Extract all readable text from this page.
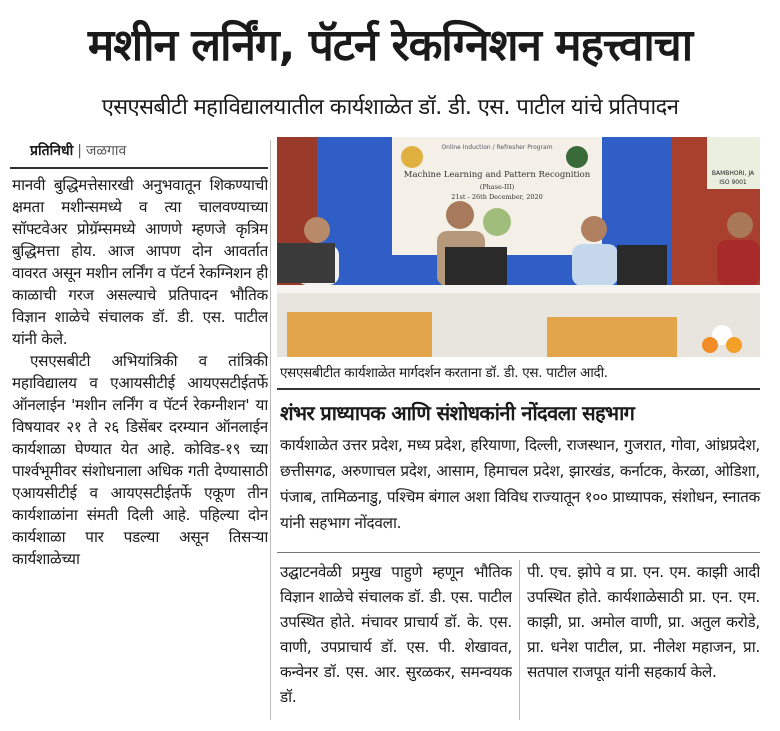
मशीन लर्निंग, पॅटर्न रेकग्निशन महत्त्वाचा
एसएसबीटी महाविद्यालयातील कार्यशाळेत डॉ. डी. एस. पाटील यांचे प्रतिपादन
प्रतिनिधी | जळगाव

मानवी बुद्धिमत्तेसारखी अनुभवातून शिकण्याची क्षमता मशीन्समध्ये व त्या चालवण्याच्या सॉफ्टवेअर प्रोग्रॅम्समध्ये आणणे म्हणजे कृत्रिम बुद्धिमत्ता होय. आज आपण दोन आवर्तात वावरत असून मशीन लर्निंग व पॅटर्न रेकग्निशन ही काळाची गरज असल्याचे प्रतिपादन भौतिक विज्ञान शाळेचे संचालक डॉ. डी. एस. पाटील यांनी केले.

एसएसबीटी अभियांत्रिकी व तांत्रिकी महाविद्यालय व एआयसीटीई आयएसटीईतर्फे ऑनलाईन 'मशीन लर्निंग व पॅटर्न रेकग्नीशन' या विषयावर २१ ते २६ डिसेंबर दरम्यान ऑनलाईन कार्यशाळा घेण्यात येत आहे. कोविड-१९ च्या पार्श्वभूमीवर संशोधनाला अधिक गती देण्यासाठी एआयसीटीई व आयएसटीईतर्फे एकूण तीन कार्यशाळांना संमती दिली आहे. पहिल्या दोन कार्यशाळा पार पडल्या असून तिसऱ्या कार्यशाळेच्या

Online Induction / Refresher Program
Machine Learning and Pattern Recognition
(Phase-III)
21st - 26th December, 2020
BAMBHORI, JA
ISO 9001
एसएसबीटीत कार्यशाळेत मार्गदर्शन करताना डॉ. डी. एस. पाटील आदी.
शंभर प्राध्यापक आणि संशोधकांनी नोंदवला सहभाग
कार्यशाळेत उत्तर प्रदेश, मध्य प्रदेश, हरियाणा, दिल्ली, राजस्थान, गुजरात, गोवा, आंध्रप्रदेश, छत्तीसगढ, अरुणाचल प्रदेश, आसाम, हिमाचल प्रदेश, झारखंड, कर्नाटक, केरळा, ओडिशा, पंजाब, तामिळनाडु, पश्चिम बंगाल अशा विविध राज्यातून १०० प्राध्यापक, संशोधन, स्नातक यांनी सहभाग नोंदवला.
उद्घाटनवेळी प्रमुख पाहुणे म्हणून भौतिक विज्ञान शाळेचे संचालक डॉ. डी. एस. पाटील उपस्थित होते. मंचावर प्राचार्य डॉ. के. एस. वाणी, उपप्राचार्य डॉ. एस. पी. शेखावत, कन्वेनर डॉ. एस. आर. सुरळकर, समन्वयक डॉ.
पी. एच. झोपे व प्रा. एन. एम. काझी आदी उपस्थित होते. कार्यशाळेसाठी प्रा. एन. एम. काझी, प्रा. अमोल वाणी, प्रा. अतुल करोडे, प्रा. धनेश पाटील, प्रा. नीलेश महाजन, प्रा. सतपाल राजपूत यांनी सहकार्य केले.
